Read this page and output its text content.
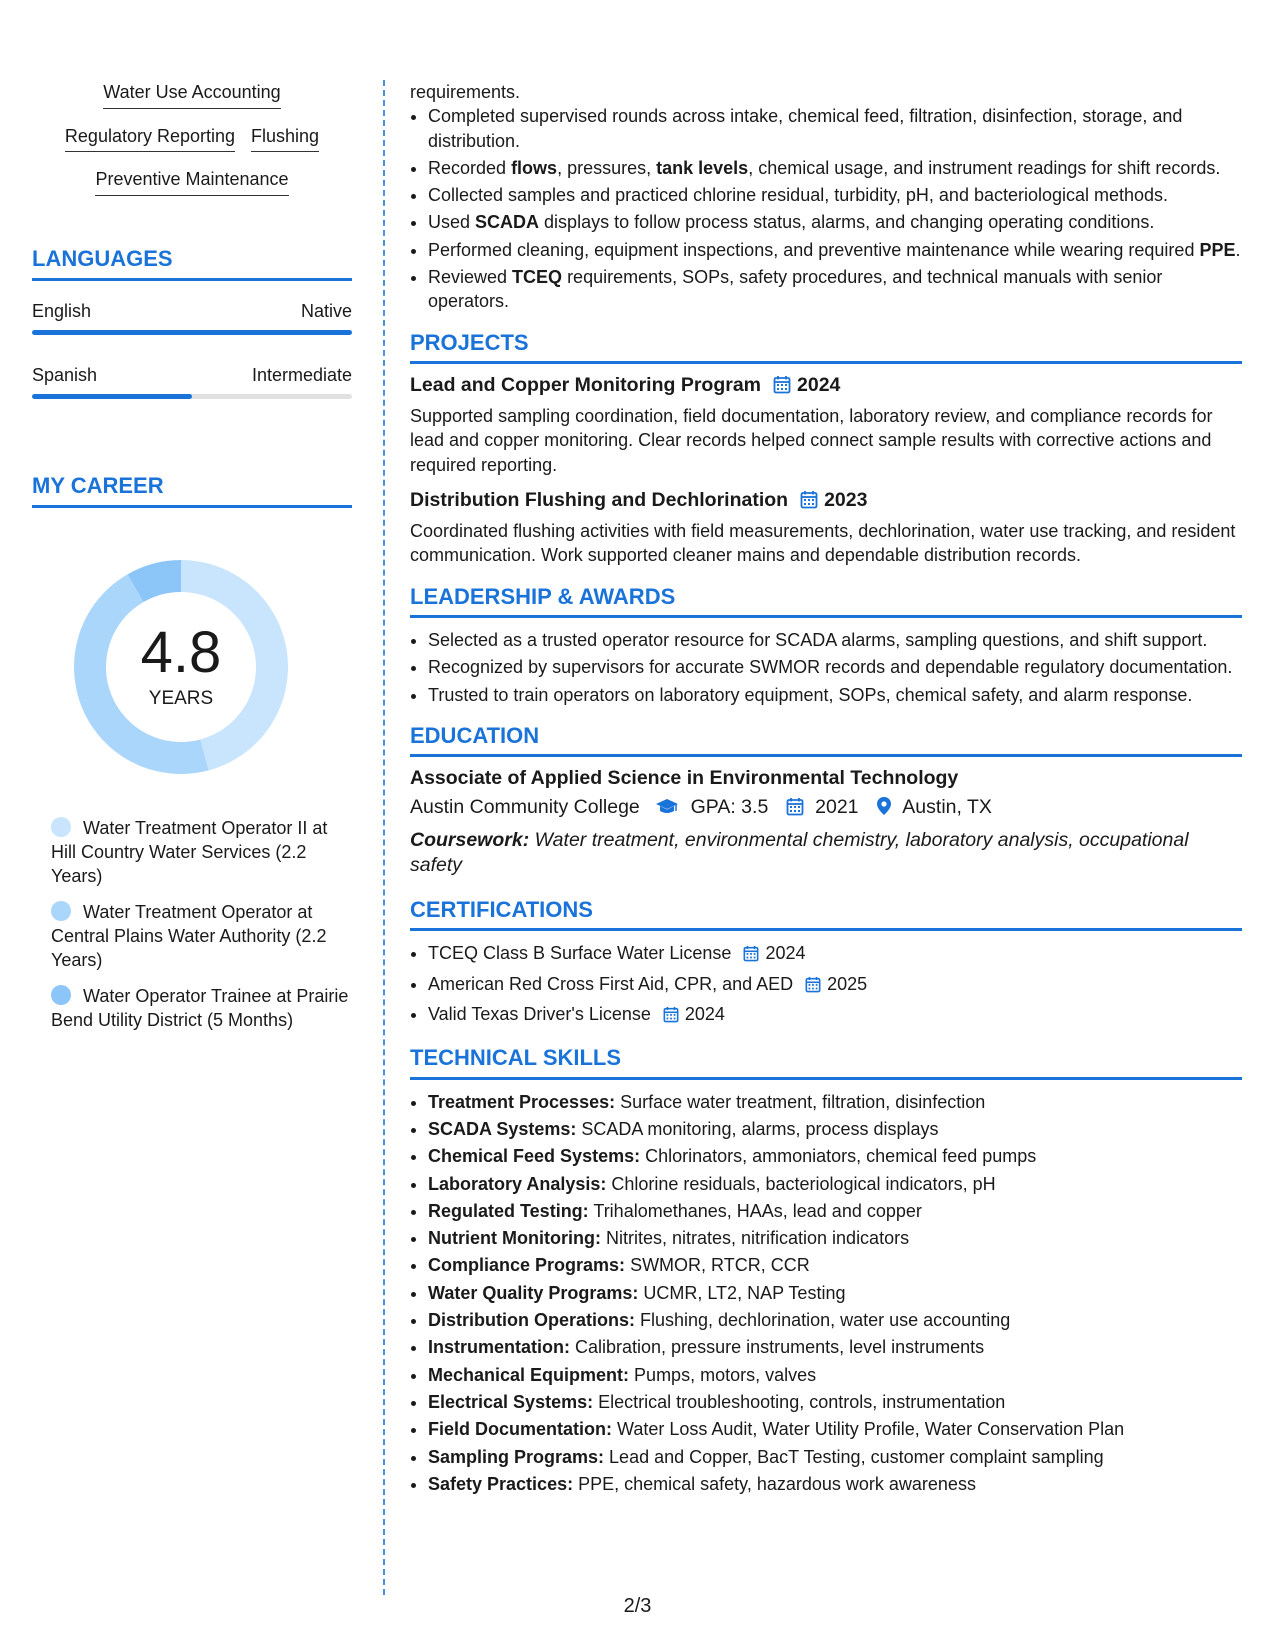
Water Use Accounting
Regulatory Reporting Flushing
Preventive Maintenance
LANGUAGES
English	Native
Spanish	Intermediate
MY CAREER
4.8
YEARS
Water Treatment Operator II at Hill Country Water Services (2.2 Years)
Water Treatment Operator at Central Plains Water Authority (2.2 Years)
Water Operator Trainee at Prairie Bend Utility District (5 Months)

requirements.

• Completed supervised rounds across intake, chemical feed, filtration, disinfection, storage, and distribution.
• Recorded flows, pressures, tank levels, chemical usage, and instrument readings for shift records.
• Collected samples and practiced chlorine residual, turbidity, pH, and bacteriological methods.
• Used SCADA displays to follow process status, alarms, and changing operating conditions.
• Performed cleaning, equipment inspections, and preventive maintenance while wearing required PPE.
• Reviewed TCEQ requirements, SOPs, safety procedures, and technical manuals with senior operators.
PROJECTS
Lead and Copper Monitoring Program 2024

Supported sampling coordination, field documentation, laboratory review, and compliance records for lead and copper monitoring. Clear records helped connect sample results with corrective actions and required reporting.

Distribution Flushing and Dechlorination 2023

Coordinated flushing activities with field measurements, dechlorination, water use tracking, and resident communication. Work supported cleaner mains and dependable distribution records.

LEADERSHIP & AWARDS
• Selected as a trusted operator resource for SCADA alarms, sampling questions, and shift support.
• Recognized by supervisors for accurate SWMOR records and dependable regulatory documentation.
• Trusted to train operators on laboratory equipment, SOPs, chemical safety, and alarm response.
EDUCATION
Associate of Applied Science in Environmental Technology
Austin Community College	GPA: 3.5 2021 Austin, TX
Coursework: Water treatment, environmental chemistry, laboratory analysis, occupational safety
CERTIFICATIONS
• TCEQ Class B Surface Water License 2024
• American Red Cross First Aid, CPR, and AED 2025
• Valid Texas Driver's License 2024
TECHNICAL SKILLS
• Treatment Processes: Surface water treatment, filtration, disinfection
• SCADA Systems: SCADA monitoring, alarms, process displays
• Chemical Feed Systems: Chlorinators, ammoniators, chemical feed pumps
• Laboratory Analysis: Chlorine residuals, bacteriological indicators, pH
• Regulated Testing: Trihalomethanes, HAAs, lead and copper
• Nutrient Monitoring: Nitrites, nitrates, nitrification indicators
• Compliance Programs: SWMOR, RTCR, CCR
• Water Quality Programs: UCMR, LT2, NAP Testing
• Distribution Operations: Flushing, dechlorination, water use accounting
• Instrumentation: Calibration, pressure instruments, level instruments
• Mechanical Equipment: Pumps, motors, valves
• Electrical Systems: Electrical troubleshooting, controls, instrumentation
• Field Documentation: Water Loss Audit, Water Utility Profile, Water Conservation Plan
• Sampling Programs: Lead and Copper, BacT Testing, customer complaint sampling
• Safety Practices: PPE, chemical safety, hazardous work awareness
2/3
